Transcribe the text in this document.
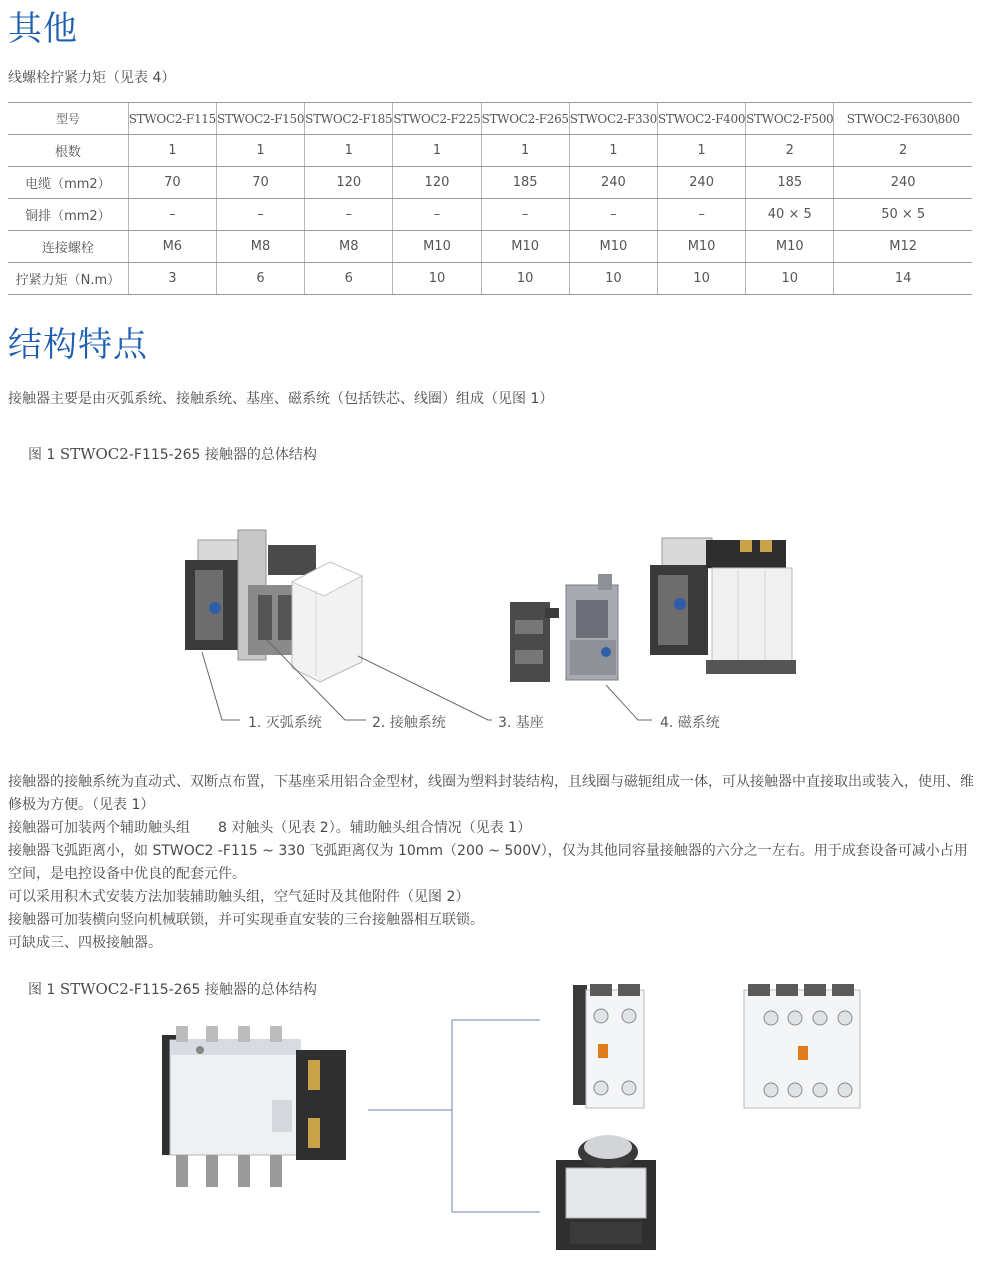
其他

线螺栓拧紧力矩（见表 4）

型号	STWOC2-F115	STWOC2-F150	STWOC2-F185	STWOC2-F225	STWOC2-F265	STWOC2-F330	STWOC2-F400	STWOC2-F500	STWOC2-F630\800
根数	1	1	1	1	1	1	1	2	2
电缆（mm2）	70	70	120	120	185	240	240	185	240
铜排（mm2）	–	–	–	–	–	–	–	40 × 5	50 × 5
连接螺栓	M6	M8	M8	M10	M10	M10	M10	M10	M12
拧紧力矩（N.m）	3	6	6	10	10	10	10	10	14
结构特点

接触器主要是由灭弧系统、接触系统、基座、磁系统（包括铁芯、线圈）组成（见图 1）

图 1 STWOC2-F115-265 接触器的总体结构
1. 灭弧系统	2. 接触系统	3. 基座	4. 磁系统

接触器的接触系统为直动式、双断点布置，下基座采用铝合金型材，线圈为塑料封装结构，且线圈与磁轭组成一体，可从接触器中直接取出或装入，使用、维修极为方便。（见表 1）

接触器可加装两个辅助触头组　　8 对触头（见表 2）。辅助触头组合情况（见表 1）

接触器飞弧距离小，如 STWOC2 -F115 ~ 330 飞弧距离仅为 10mm（200 ~ 500V），仅为其他同容量接触器的六分之一左右。用于成套设备可减小占用空间，是电控设备中优良的配套元件。

可以采用积木式安装方法加装辅助触头组，空气延时及其他附件（见图 2）

接触器可加装横向竖向机械联锁，并可实现垂直安装的三台接触器相互联锁。

可缺成三、四极接触器。

图 1 STWOC2-F115-265 接触器的总体结构
